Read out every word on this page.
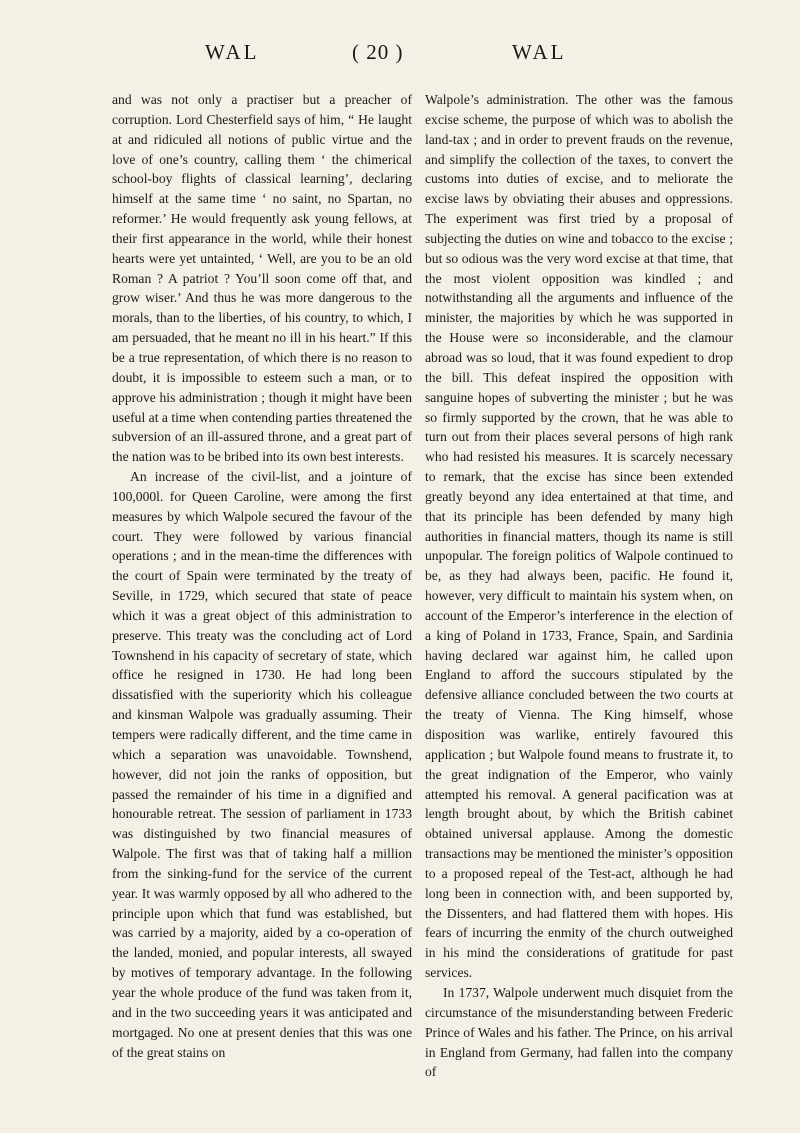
WAL	( 20 )	WAL

and was not only a practiser but a preacher of corruption. Lord Chesterfield says of him, “ He laught at and ridiculed all notions of public virtue and the love of one’s country, calling them ‘ the chimerical school-boy flights of classical learning’, declaring himself at the same time ‘ no saint, no Spartan, no reformer.’ He would frequently ask young fellows, at their first appearance in the world, while their honest hearts were yet untainted, ‘ Well, are you to be an old Roman ? A patriot ? You’ll soon come off that, and grow wiser.’ And thus he was more dangerous to the morals, than to the liberties, of his country, to which, I am persuaded, that he meant no ill in his heart.” If this be a true representation, of which there is no reason to doubt, it is impossible to esteem such a man, or to approve his administration ; though it might have been useful at a time when contending parties threatened the subversion of an ill-assured throne, and a great part of the nation was to be bribed into its own best interests.

An increase of the civil-list, and a jointure of 100,000l. for Queen Caroline, were among the first measures by which Walpole secured the favour of the court. They were followed by various financial operations ; and in the mean-time the differences with the court of Spain were terminated by the treaty of Seville, in 1729, which secured that state of peace which it was a great object of this administration to preserve. This treaty was the concluding act of Lord Townshend in his capacity of secretary of state, which office he resigned in 1730. He had long been dissatisfied with the superiority which his colleague and kinsman Walpole was gradually assuming. Their tempers were radically different, and the time came in which a separation was unavoidable. Townshend, however, did not join the ranks of opposition, but passed the remainder of his time in a dignified and honourable retreat. The session of parliament in 1733 was distinguished by two financial measures of Walpole. The first was that of taking half a million from the sinking-fund for the service of the current year. It was warmly opposed by all who adhered to the principle upon which that fund was established, but was carried by a majority, aided by a co-operation of the landed, monied, and popular interests, all swayed by motives of temporary advantage. In the following year the whole produce of the fund was taken from it, and in the two succeeding years it was anticipated and mortgaged. No one at present denies that this was one of the great stains on

Walpole’s administration. The other was the famous excise scheme, the purpose of which was to abolish the land-tax ; and in order to prevent frauds on the revenue, and simplify the collection of the taxes, to convert the customs into duties of excise, and to meliorate the excise laws by obviating their abuses and oppressions. The experiment was first tried by a proposal of subjecting the duties on wine and tobacco to the excise ; but so odious was the very word excise at that time, that the most violent opposition was kindled ; and notwithstanding all the arguments and influence of the minister, the majorities by which he was supported in the House were so inconsiderable, and the clamour abroad was so loud, that it was found expedient to drop the bill. This defeat inspired the opposition with sanguine hopes of subverting the minister ; but he was so firmly supported by the crown, that he was able to turn out from their places several persons of high rank who had resisted his measures. It is scarcely necessary to remark, that the excise has since been extended greatly beyond any idea entertained at that time, and that its principle has been defended by many high authorities in financial matters, though its name is still unpopular. The foreign politics of Walpole continued to be, as they had always been, pacific. He found it, however, very difficult to maintain his system when, on account of the Emperor’s interference in the election of a king of Poland in 1733, France, Spain, and Sardinia having declared war against him, he called upon England to afford the succours stipulated by the defensive alliance concluded between the two courts at the treaty of Vienna. The King himself, whose disposition was warlike, entirely favoured this application ; but Walpole found means to frustrate it, to the great indignation of the Emperor, who vainly attempted his removal. A general pacification was at length brought about, by which the British cabinet obtained universal applause. Among the domestic transactions may be mentioned the minister’s opposition to a proposed repeal of the Test-act, although he had long been in connection with, and been supported by, the Dissenters, and had flattered them with hopes. His fears of incurring the enmity of the church outweighed in his mind the considerations of gratitude for past services.

In 1737, Walpole underwent much disquiet from the circumstance of the misunderstanding between Frederic Prince of Wales and his father. The Prince, on his arrival in England from Germany, had fallen into the company of
